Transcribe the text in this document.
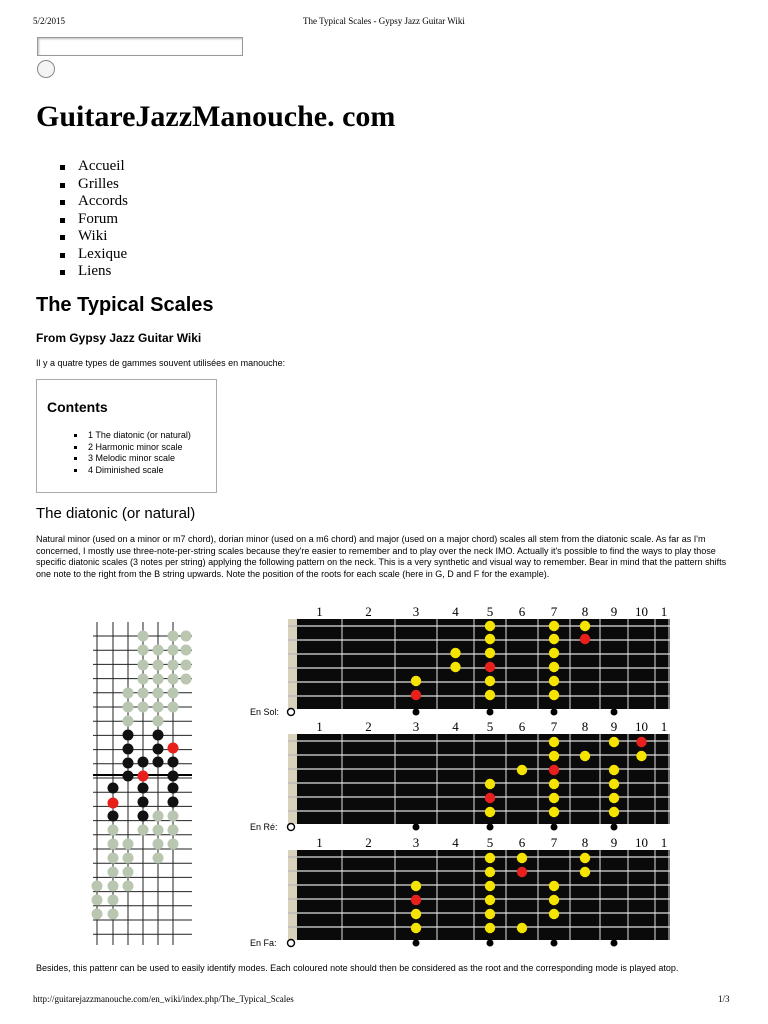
5/2/2015	The Typical Scales - Gypsy Jazz Guitar Wiki
GuitareJazzManouche. com
Accueil
Grilles
Accords
Forum
Wiki
Lexique
Liens
The Typical Scales
From Gypsy Jazz Guitar Wiki

Il y a quatre types de gammes souvent utilisées en manouche:

Contents
1 The diatonic (or natural)
2 Harmonic minor scale
3 Melodic minor scale
4 Diminished scale
The diatonic (or natural)

Natural minor (used on a minor or m7 chord), dorian minor (used on a m6 chord) and major (used on a major chord) scales all stem from the diatonic scale. As far as I'm concerned, I mostly use three-note-per-string scales because they're easier to remember and to play over the neck IMO. Actually it's possible to find the ways to play those specific diatonic scales (3 notes per string) applying the following pattern on the neck. This is a very synthetic and visual way to remember. Bear in mind that the pattern shifts one note to the right from the B string upwards. Note the position of the roots for each scale (here in G, D and F for the example).

1	2	3	4 5 6 7 8 9 10 1
En Sol:
1	2	3	4 5 6 7 8 9 10 1
En Ré:
1	2	3	4 5 6 7 8 9 10 1
En Fa:

Besides, this pattenr can be used to easily identify modes. Each coloured note should then be considered as the root and the corresponding mode is played atop.

http://guitarejazzmanouche.com/en_wiki/index.php/The_Typical_Scales	1/3
